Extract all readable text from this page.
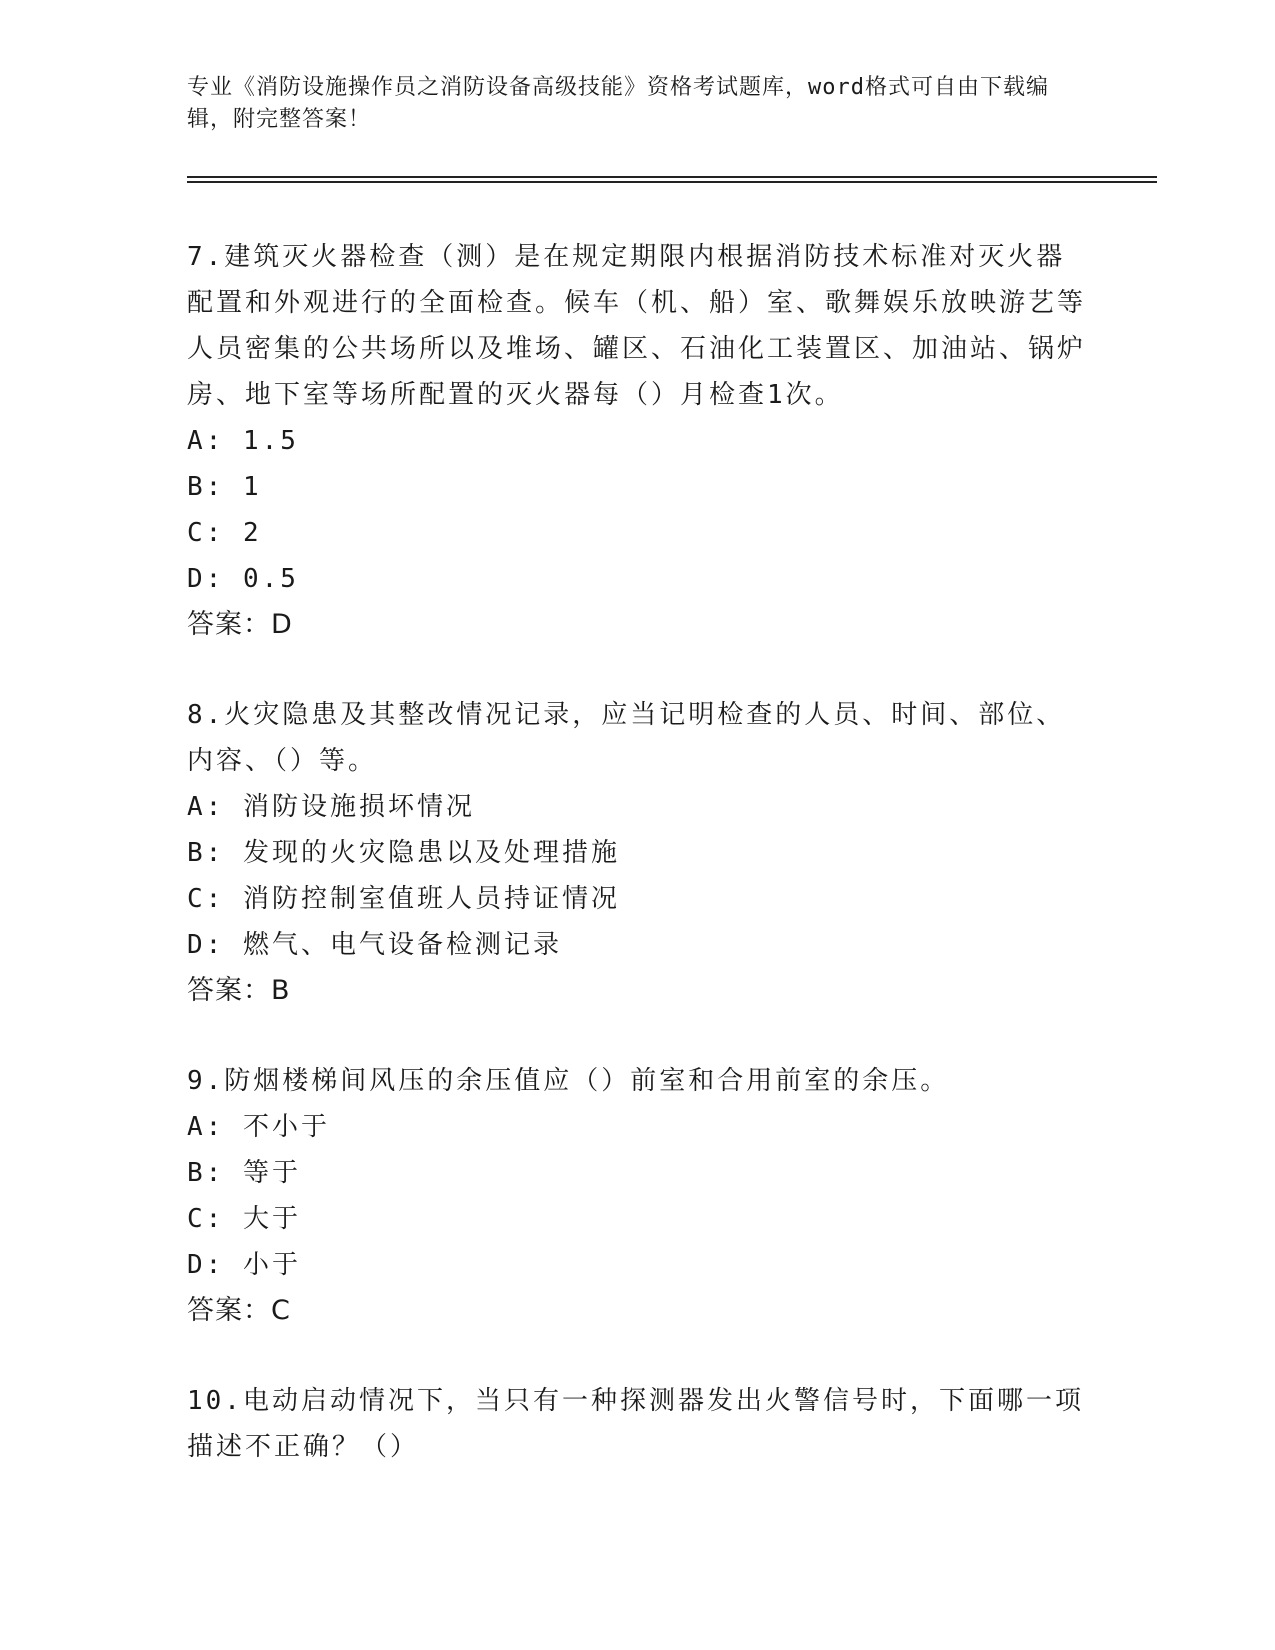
专业《消防设施操作员之消防设备高级技能》资格考试题库，word格式可自由下载编辑，附完整答案！

7.建筑灭火器检查（测）是在规定期限内根据消防技术标准对灭火器配置和外观进行的全面检查。候车（机、船）室、歌舞娱乐放映游艺等人员密集的公共场所以及堆场、罐区、石油化工装置区、加油站、锅炉房、地下室等场所配置的灭火器每（）月检查1次。

A: 1.5

B: 1

C: 2

D: 0.5

答案：D

8.火灾隐患及其整改情况记录，应当记明检查的人员、时间、部位、内容、（）等。

A: 消防设施损坏情况

B: 发现的火灾隐患以及处理措施

C: 消防控制室值班人员持证情况

D: 燃气、电气设备检测记录

答案：B

9.防烟楼梯间风压的余压值应（）前室和合用前室的余压。

A: 不小于

B: 等于

C: 大于

D: 小于

答案：C

10.电动启动情况下，当只有一种探测器发出火警信号时，下面哪一项描述不正确？（）
